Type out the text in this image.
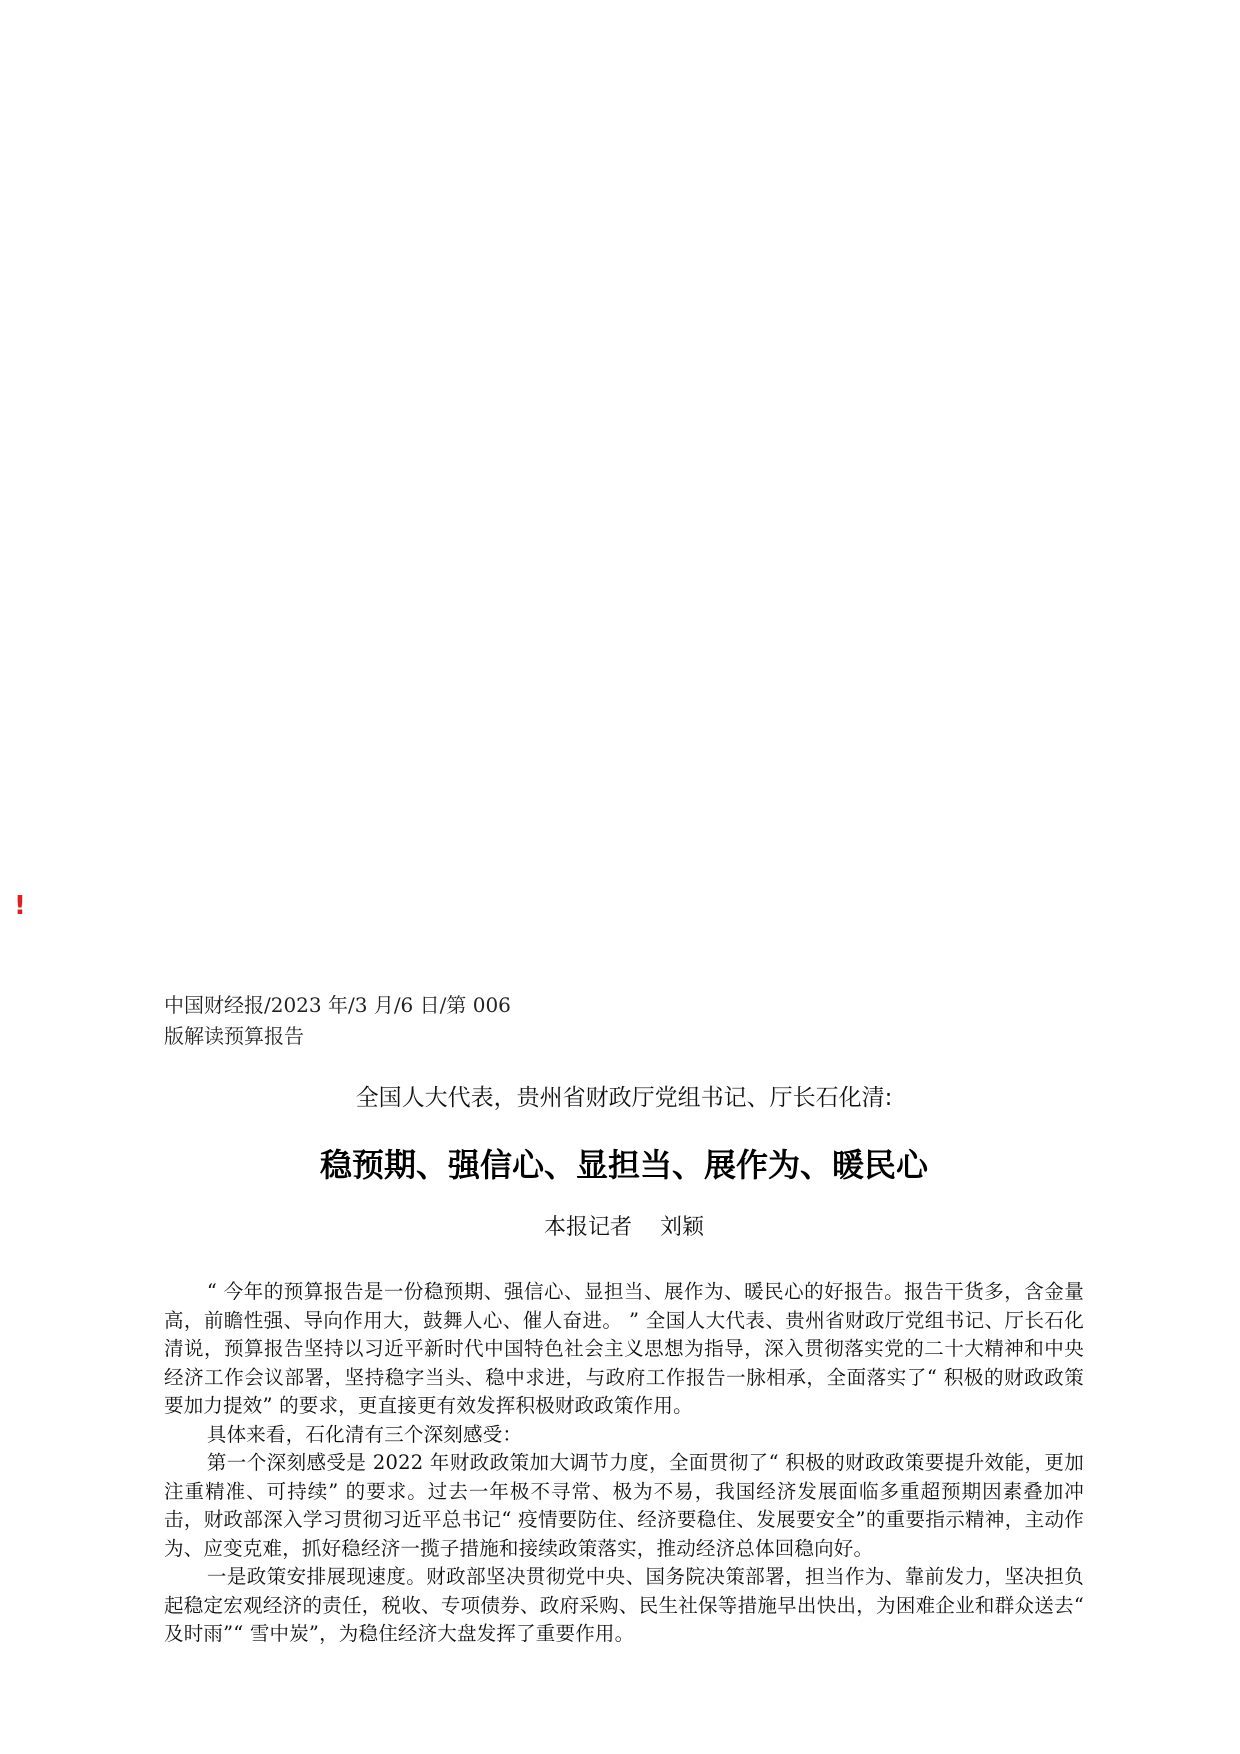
!
中国财经报/2023 年/3 月/6 日/第 006
版解读预算报告
全国人大代表，贵州省财政厅党组书记、厅长石化清:
稳预期、强信心、显担当、展作为、暖民心
本报记者    刘颖

“ 今年的预算报告是一份稳预期、强信心、显担当、展作为、暖民心的好报告。报告干货多，含金量高，前瞻性强、导向作用大，鼓舞人心、催人奋进。 ” 全国人大代表、贵州省财政厅党组书记、厅长石化清说，预算报告坚持以习近平新时代中国特色社会主义思想为指导，深入贯彻落实党的二十大精神和中央经济工作会议部署，坚持稳字当头、稳中求进，与政府工作报告一脉相承，全面落实了“ 积极的财政政策要加力提效” 的要求，更直接更有效发挥积极财政政策作用。

具体来看，石化清有三个深刻感受：

第一个深刻感受是 2022 年财政政策加大调节力度，全面贯彻了“ 积极的财政政策要提升效能，更加注重精准、可持续” 的要求。过去一年极不寻常、极为不易，我国经济发展面临多重超预期因素叠加冲击，财政部深入学习贯彻习近平总书记“ 疫情要防住、经济要稳住、发展要安全”的重要指示精神，主动作为、应变克难，抓好稳经济一揽子措施和接续政策落实，推动经济总体回稳向好。

一是政策安排展现速度。财政部坚决贯彻党中央、国务院决策部署，担当作为、靠前发力，坚决担负起稳定宏观经济的责任，税收、专项债券、政府采购、民生社保等措施早出快出，为困难企业和群众送去“ 及时雨”“ 雪中炭”，为稳住经济大盘发挥了重要作用。
